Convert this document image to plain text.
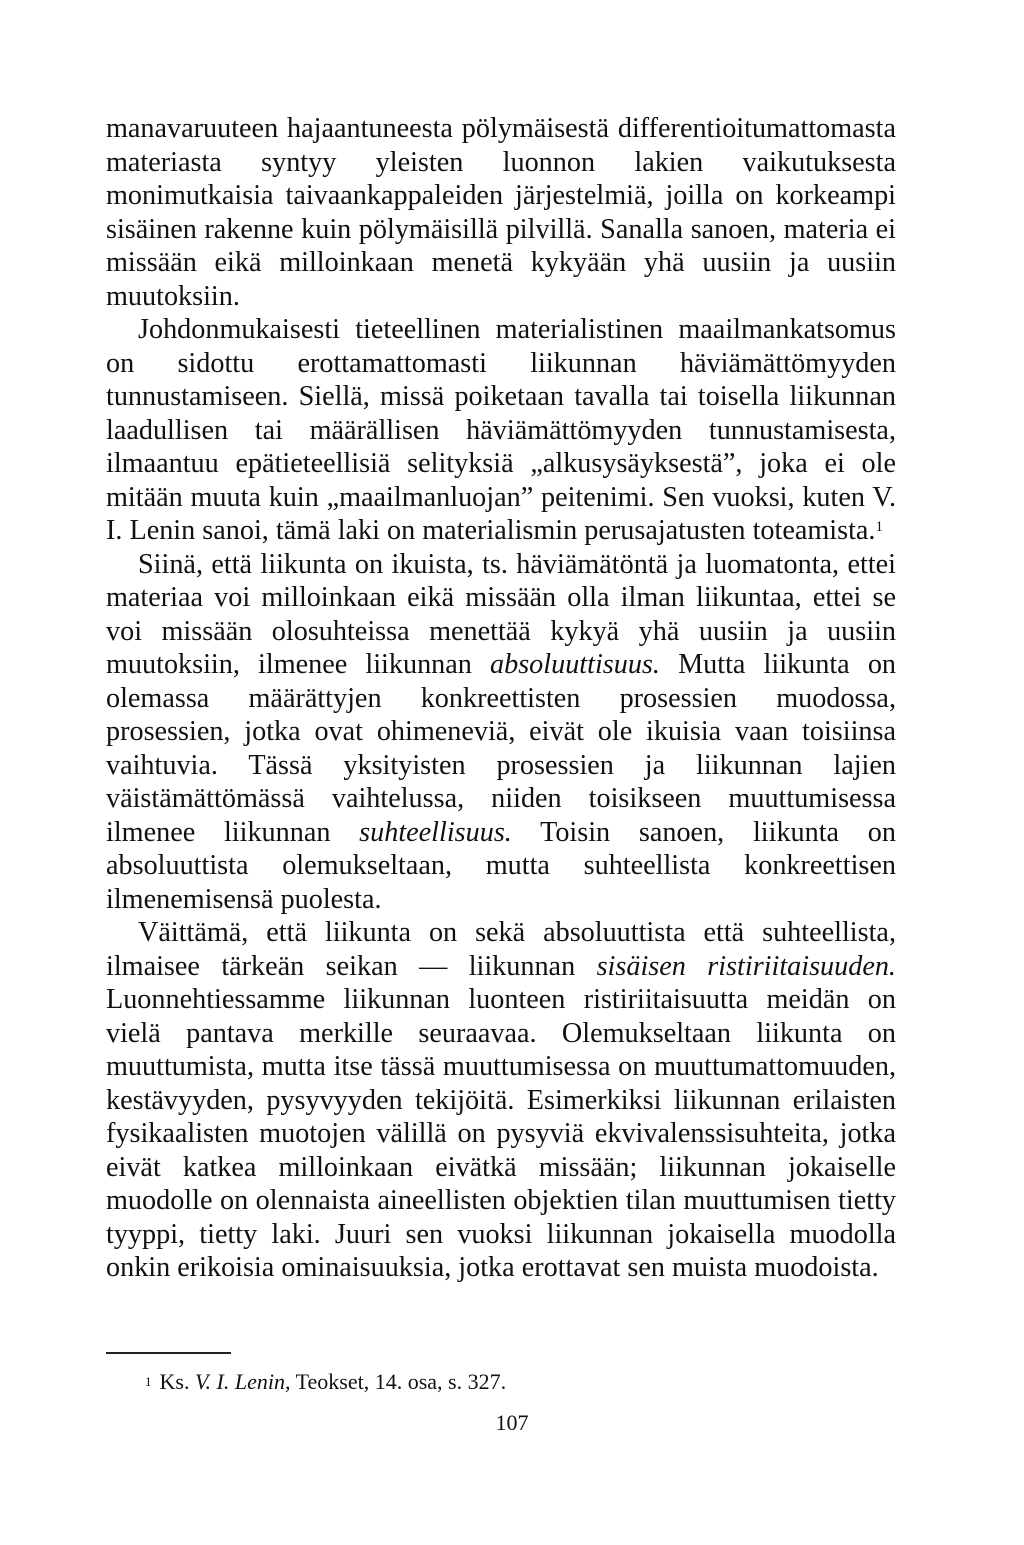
manavaruuteen hajaantuneesta pölymäisestä differentioitumattomasta materiasta syntyy yleisten luonnon lakien vaikutuksesta monimutkaisia taivaankappaleiden järjestelmiä, joilla on korkeampi sisäinen rakenne kuin pölymäisillä pilvillä. Sanalla sanoen, materia ei missään eikä milloinkaan menetä kykyään yhä uusiin ja uusiin muutoksiin.

Johdonmukaisesti tieteellinen materialistinen maailmankatsomus on sidottu erottamattomasti liikunnan häviämättömyyden tunnustamiseen. Siellä, missä poiketaan tavalla tai toisella liikunnan laadullisen tai määrällisen häviämättömyyden tunnustamisesta, ilmaantuu epätieteellisiä selityksiä „alkusysäyksestä”, joka ei ole mitään muuta kuin „maailmanluojan” peitenimi. Sen vuoksi, kuten V. I. Lenin sanoi, tämä laki on materialismin perusajatusten toteamista.$^1$

Siinä, että liikunta on ikuista, ts. häviämätöntä ja luomatonta, ettei materiaa voi milloinkaan eikä missään olla ilman liikuntaa, ettei se voi missään olosuhteissa menettää kykyä yhä uusiin ja uusiin muutoksiin, ilmenee liikunnan absoluuttisuus. Mutta liikunta on olemassa määrättyjen konkreettisten prosessien muodossa, prosessien, jotka ovat ohimeneviä, eivät ole ikuisia vaan toisiinsa vaihtuvia. Tässä yksityisten prosessien ja liikunnan lajien väistämättömässä vaihtelussa, niiden toisikseen muuttumisessa ilmenee liikunnan suhteellisuus. Toisin sanoen, liikunta on absoluuttista olemukseltaan, mutta suhteellista konkreettisen ilmenemisensä puolesta.

Väittämä, että liikunta on sekä absoluuttista että suhteellista, ilmaisee tärkeän seikan — liikunnan sisäisen ristiriitaisuuden. Luonnehtiessamme liikunnan luonteen ristiriitaisuutta meidän on vielä pantava merkille seuraavaa. Olemukseltaan liikunta on muuttumista, mutta itse tässä muuttumisessa on muuttumattomuuden, kestävyyden, pysyvyyden tekijöitä. Esimerkiksi liikunnan erilaisten fysikaalisten muotojen välillä on pysyviä ekvivalenssisuhteita, jotka eivät katkea milloinkaan eivätkä missään; liikunnan jokaiselle muodolle on olennaista aineellisten objektien tilan muuttumisen tietty tyyppi, tietty laki. Juuri sen vuoksi liikunnan jokaisella muodolla onkin erikoisia ominaisuuksia, jotka erottavat sen muista muodoista.

$^1$ Ks. V. I. Lenin, Teokset, 14. osa, s. 327.
107
